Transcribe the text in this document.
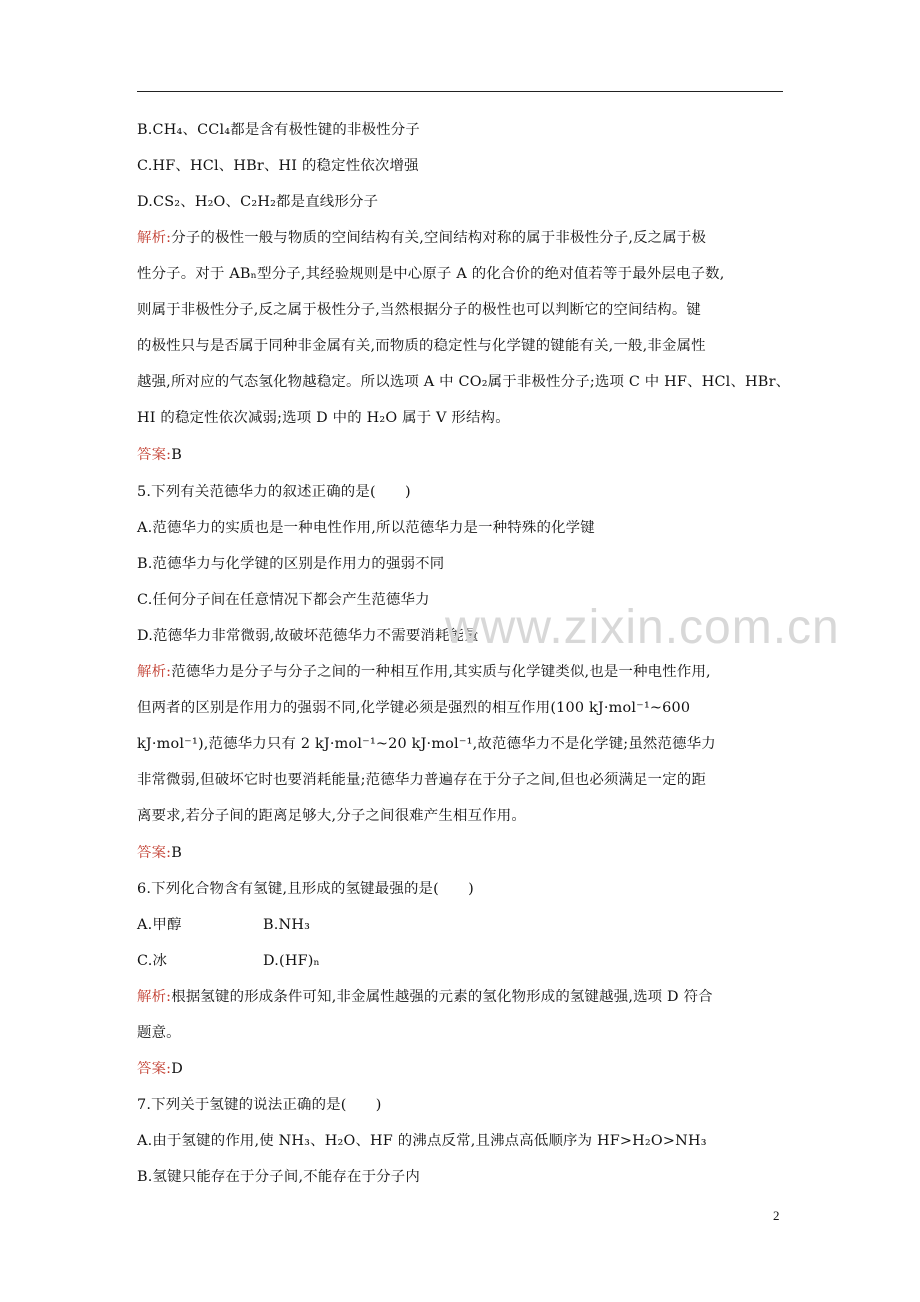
B.CH₄、CCl₄都是含有极性键的非极性分子
C.HF、HCl、HBr、HI 的稳定性依次增强
D.CS₂、H₂O、C₂H₂都是直线形分子
解析:分子的极性一般与物质的空间结构有关,空间结构对称的属于非极性分子,反之属于极
性分子。对于 ABₙ型分子,其经验规则是中心原子 A 的化合价的绝对值若等于最外层电子数,
则属于非极性分子,反之属于极性分子,当然根据分子的极性也可以判断它的空间结构。键
的极性只与是否属于同种非金属有关,而物质的稳定性与化学键的键能有关,一般,非金属性
越强,所对应的气态氢化物越稳定。所以选项 A 中 CO₂属于非极性分子;选项 C 中 HF、HCl、HBr、
HI 的稳定性依次减弱;选项 D 中的 H₂O 属于 V 形结构。
答案:B
5.下列有关范德华力的叙述正确的是(　　)
A.范德华力的实质也是一种电性作用,所以范德华力是一种特殊的化学键
B.范德华力与化学键的区别是作用力的强弱不同
C.任何分子间在任意情况下都会产生范德华力
D.范德华力非常微弱,故破坏范德华力不需要消耗能量
www.zixin.com.cn
解析:范德华力是分子与分子之间的一种相互作用,其实质与化学键类似,也是一种电性作用,
但两者的区别是作用力的强弱不同,化学键必须是强烈的相互作用(100 kJ·mol⁻¹~600
kJ·mol⁻¹),范德华力只有 2 kJ·mol⁻¹~20 kJ·mol⁻¹,故范德华力不是化学键;虽然范德华力
非常微弱,但破坏它时也要消耗能量;范德华力普遍存在于分子之间,但也必须满足一定的距
离要求,若分子间的距离足够大,分子之间很难产生相互作用。
答案:B
6.下列化合物含有氢键,且形成的氢键最强的是(　　)
A.甲醇	B.NH₃
C.冰	D.(HF)ₙ
解析:根据氢键的形成条件可知,非金属性越强的元素的氢化物形成的氢键越强,选项 D 符合
题意。
答案:D
7.下列关于氢键的说法正确的是(　　)
A.由于氢键的作用,使 NH₃、H₂O、HF 的沸点反常,且沸点高低顺序为 HF>H₂O>NH₃
B.氢键只能存在于分子间,不能存在于分子内
2
